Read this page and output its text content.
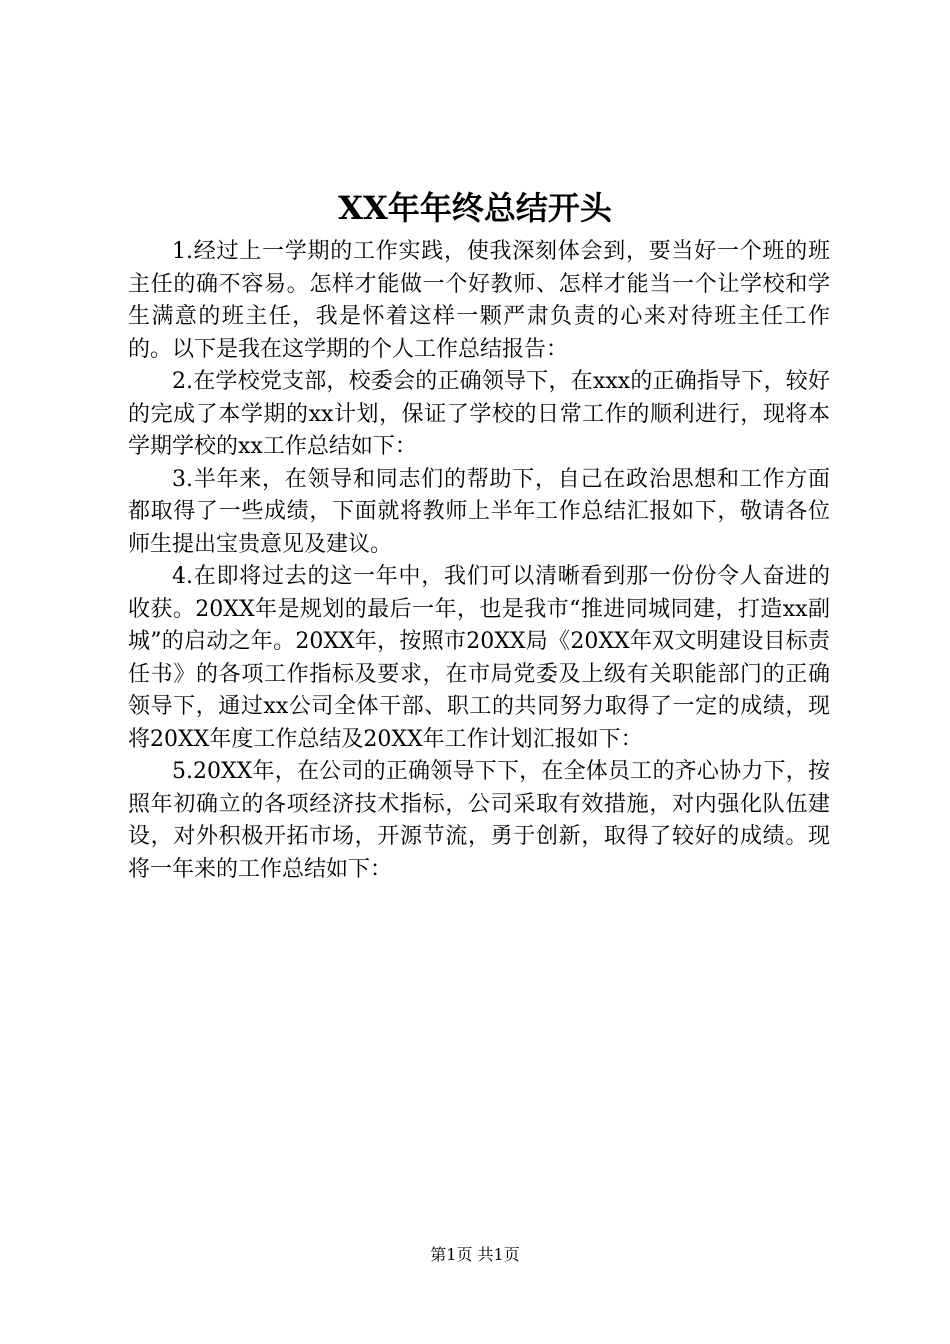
XX年年终总结开头

1.经过上一学期的工作实践，使我深刻体会到，要当好一个班的班主任的确不容易。怎样才能做一个好教师、怎样才能当一个让学校和学生满意的班主任，我是怀着这样一颗严肃负责的心来对待班主任工作的。以下是我在这学期的个人工作总结报告：

2.在学校党支部，校委会的正确领导下，在xxx的正确指导下，较好的完成了本学期的xx计划，保证了学校的日常工作的顺利进行，现将本学期学校的xx工作总结如下：

3.半年来，在领导和同志们的帮助下，自己在政治思想和工作方面都取得了一些成绩，下面就将教师上半年工作总结汇报如下，敬请各位师生提出宝贵意见及建议。

4.在即将过去的这一年中，我们可以清晰看到那一份份令人奋进的收获。20XX年是规划的最后一年，也是我市“推进同城同建，打造xx副城”的启动之年。20XX年，按照市20XX局《20XX年双文明建设目标责任书》的各项工作指标及要求，在市局党委及上级有关职能部门的正确领导下，通过xx公司全体干部、职工的共同努力取得了一定的成绩，现将20XX年度工作总结及20XX年工作计划汇报如下：

5.20XX年，在公司的正确领导下下，在全体员工的齐心协力下，按照年初确立的各项经济技术指标，公司采取有效措施，对内强化队伍建设，对外积极开拓市场，开源节流，勇于创新，取得了较好的成绩。现将一年来的工作总结如下：

第1页 共1页
